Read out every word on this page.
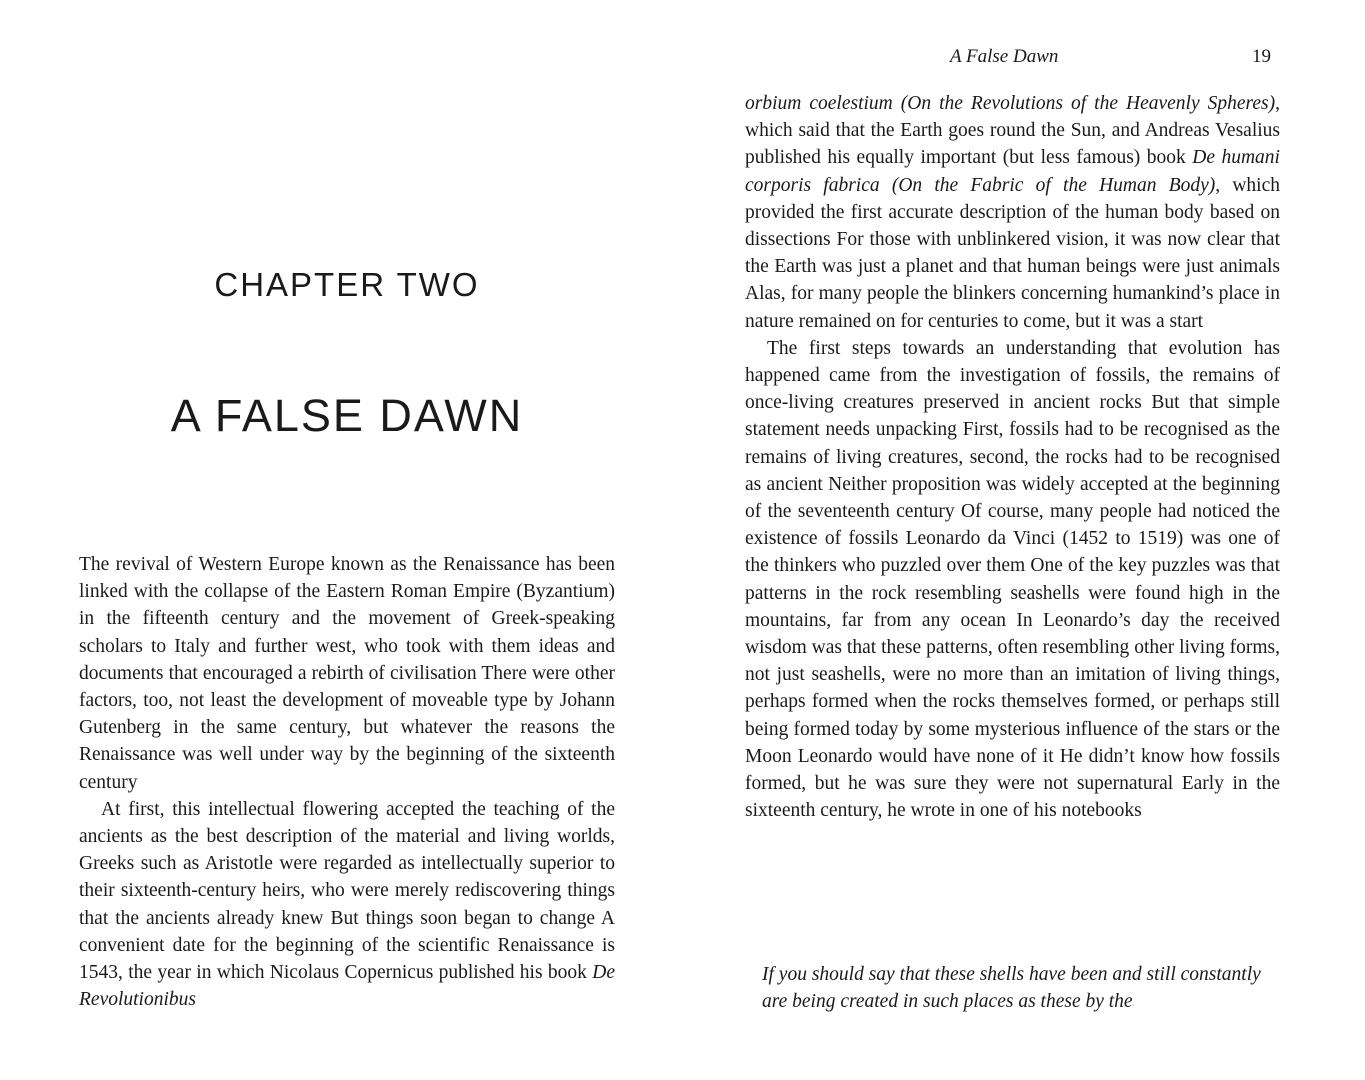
CHAPTER TWO
A FALSE DAWN

The revival of Western Europe known as the Renaissance has been linked with the collapse of the Eastern Roman Empire (Byzantium) in the fifteenth century and the movement of Greek-speaking scholars to Italy and further west, who took with them ideas and documents that encouraged a rebirth of civilisation There were other factors, too, not least the development of moveable type by Johann Gutenberg in the same century, but whatever the reasons the Renaissance was well under way by the beginning of the sixteenth century

At first, this intellectual flowering accepted the teaching of the ancients as the best description of the material and living worlds, Greeks such as Aristotle were regarded as intellectually superior to their sixteenth-century heirs, who were merely rediscovering things that the ancients already knew But things soon began to change A convenient date for the beginning of the scientific Renaissance is 1543, the year in which Nicolaus Copernicus published his book De Revolutionibus

A False Dawn	19

orbium coelestium (On the Revolutions of the Heavenly Spheres), which said that the Earth goes round the Sun, and Andreas Vesalius published his equally important (but less famous) book De humani corporis fabrica (On the Fabric of the Human Body), which provided the first accurate description of the human body based on dissections For those with unblinkered vision, it was now clear that the Earth was just a planet and that human beings were just animals Alas, for many people the blinkers concerning humankind’s place in nature remained on for centuries to come, but it was a start

The first steps towards an understanding that evolution has happened came from the investigation of fossils, the remains of once-living creatures preserved in ancient rocks But that simple statement needs unpacking First, fossils had to be recognised as the remains of living creatures, second, the rocks had to be recognised as ancient Neither proposition was widely accepted at the beginning of the seventeenth century Of course, many people had noticed the existence of fossils Leonardo da Vinci (1452 to 1519) was one of the thinkers who puzzled over them One of the key puzzles was that patterns in the rock resembling seashells were found high in the mountains, far from any ocean In Leonardo’s day the received wisdom was that these patterns, often resembling other living forms, not just seashells, were no more than an imitation of living things, perhaps formed when the rocks themselves formed, or perhaps still being formed today by some mysterious influence of the stars or the Moon Leonardo would have none of it He didn’t know how fossils formed, but he was sure they were not supernatural Early in the sixteenth century, he wrote in one of his notebooks

If you should say that these shells have been and still constantly are being created in such places as these by the
